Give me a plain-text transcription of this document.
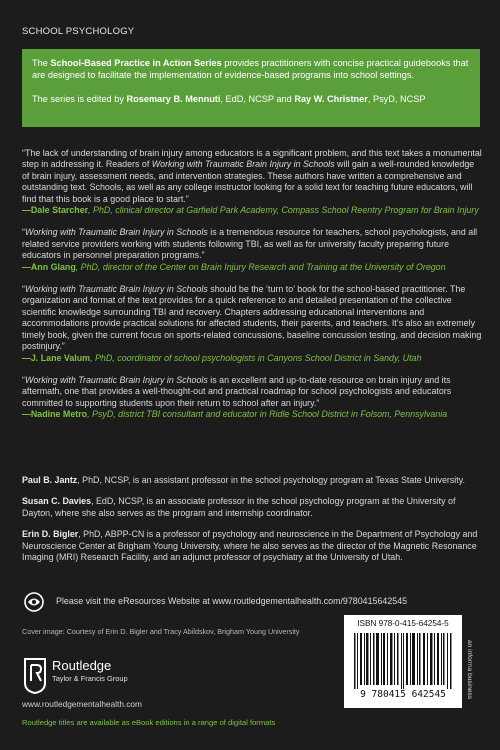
SCHOOL PSYCHOLOGY
The School-Based Practice in Action Series provides practitioners with concise practical guidebooks that are designed to facilitate the implementation of evidence-based programs into school settings.
The series is edited by Rosemary B. Mennuti, EdD, NCSP and Ray W. Christner, PsyD, NCSP
“The lack of understanding of brain injury among educators is a significant problem, and this text takes a monumental step in addressing it. Readers of Working with Traumatic Brain Injury in Schools will gain a well-rounded knowledge of brain injury, assessment needs, and intervention strategies. These authors have written a comprehensive and outstanding text. Schools, as well as any college instructor looking for a solid text for teaching future educators, will find that this book is a good place to start.”
—Dale Starcher, PhD, clinical director at Garfield Park Academy, Compass School Reentry Program for Brain Injury
“Working with Traumatic Brain Injury in Schools is a tremendous resource for teachers, school psychologists, and all related service providers working with students following TBI, as well as for university faculty preparing future educators in personnel preparation programs.”
—Ann Glang, PhD, director of the Center on Brain Injury Research and Training at the University of Oregon
“Working with Traumatic Brain Injury in Schools should be the ‘turn to’ book for the school-based practitioner. The organization and format of the text provides for a quick reference to and detailed presentation of the collective scientific knowledge surrounding TBI and recovery. Chapters addressing educational interventions and accommodations provide practical solutions for affected students, their parents, and teachers. It’s also an extremely timely book, given the current focus on sports-related concussions, baseline concussion testing, and decision making postinjury.”
—J. Lane Valum, PhD, coordinator of school psychologists in Canyons School District in Sandy, Utah
“Working with Traumatic Brain Injury in Schools is an excellent and up-to-date resource on brain injury and its aftermath, one that provides a well-thought-out and practical roadmap for school psychologists and educators committed to supporting students upon their return to school after an injury.”
—Nadine Metro, PsyD, district TBI consultant and educator in Ridle School District in Folsom, Pennsylvania
Paul B. Jantz, PhD, NCSP, is an assistant professor in the school psychology program at Texas State University.
Susan C. Davies, EdD, NCSP, is an associate professor in the school psychology program at the University of Dayton, where she also serves as the program and internship coordinator.
Erin D. Bigler, PhD, ABPP-CN is a professor of psychology and neuroscience in the Department of Psychology and Neuroscience Center at Brigham Young University, where he also serves as the director of the Magnetic Resonance Imaging (MRI) Research Facility, and an adjunct professor of psychiatry at the University of Utah.
Please visit the eResources Website at www.routledgementalhealth.com/9780415642545
Cover image: Courtesy of Erin D. Bigler and Tracy Abildskov, Brigham Young University
Routledge
Taylor & Francis Group
www.routledgementalhealth.com
Routledge titles are available as eBook editions in a range of digital formats
ISBN 978-0-415-64254-5
9 780415 642545	an informa business
